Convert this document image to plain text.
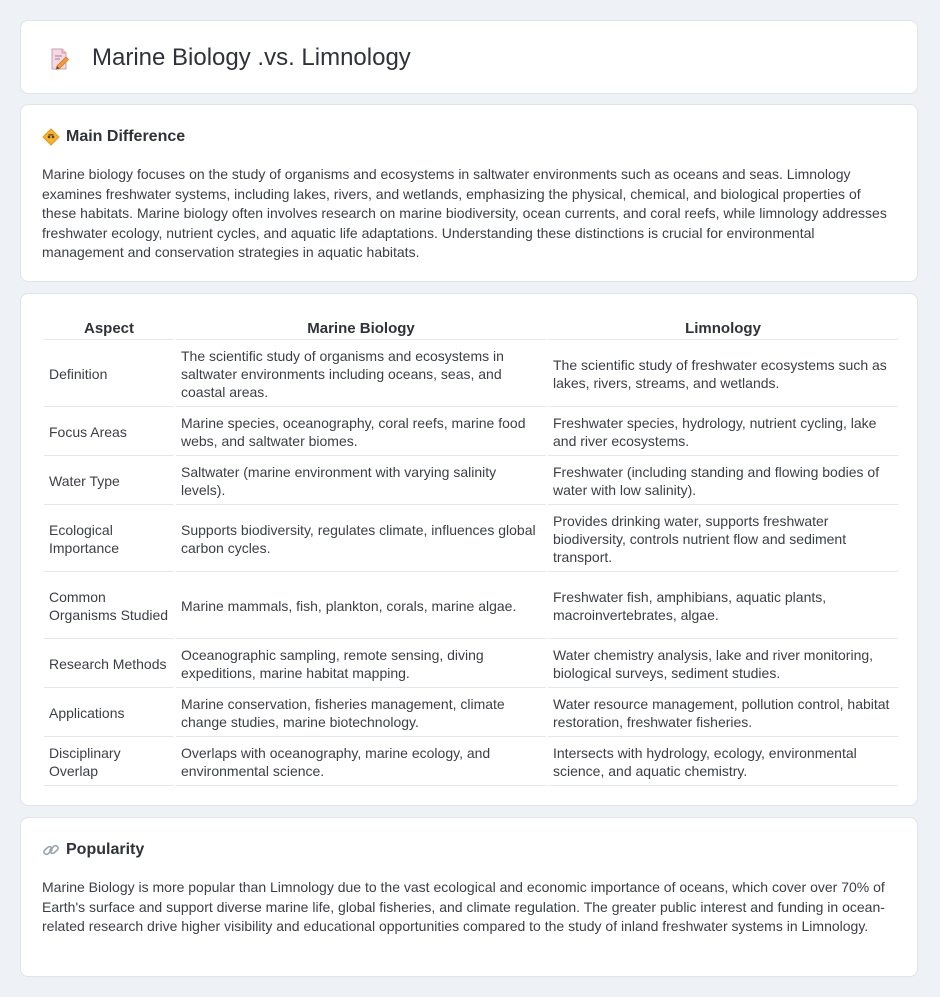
Marine Biology .vs. Limnology
Main Difference

Marine biology focuses on the study of organisms and ecosystems in saltwater environments such as oceans and seas. Limnology examines freshwater systems, including lakes, rivers, and wetlands, emphasizing the physical, chemical, and biological properties of these habitats. Marine biology often involves research on marine biodiversity, ocean currents, and coral reefs, while limnology addresses freshwater ecology, nutrient cycles, and aquatic life adaptations. Understanding these distinctions is crucial for environmental management and conservation strategies in aquatic habitats.

Aspect	Marine Biology	Limnology
Definition	The scientific study of organisms and ecosystems in saltwater environments including oceans, seas, and coastal areas.	The scientific study of freshwater ecosystems such as lakes, rivers, streams, and wetlands.
Focus Areas	Marine species, oceanography, coral reefs, marine food webs, and saltwater biomes.	Freshwater species, hydrology, nutrient cycling, lake and river ecosystems.
Water Type	Saltwater (marine environment with varying salinity levels).	Freshwater (including standing and flowing bodies of water with low salinity).
Ecological Importance	Supports biodiversity, regulates climate, influences global carbon cycles.	Provides drinking water, supports freshwater biodiversity, controls nutrient flow and sediment transport.
Common Organisms Studied	Marine mammals, fish, plankton, corals, marine algae.	Freshwater fish, amphibians, aquatic plants, macroinvertebrates, algae.
Research Methods	Oceanographic sampling, remote sensing, diving expeditions, marine habitat mapping.	Water chemistry analysis, lake and river monitoring, biological surveys, sediment studies.
Applications	Marine conservation, fisheries management, climate change studies, marine biotechnology.	Water resource management, pollution control, habitat restoration, freshwater fisheries.
Disciplinary Overlap	Overlaps with oceanography, marine ecology, and environmental science.	Intersects with hydrology, ecology, environmental science, and aquatic chemistry.
Popularity

Marine Biology is more popular than Limnology due to the vast ecological and economic importance of oceans, which cover over 70% of Earth's surface and support diverse marine life, global fisheries, and climate regulation. The greater public interest and funding in ocean-related research drive higher visibility and educational opportunities compared to the study of inland freshwater systems in Limnology.
